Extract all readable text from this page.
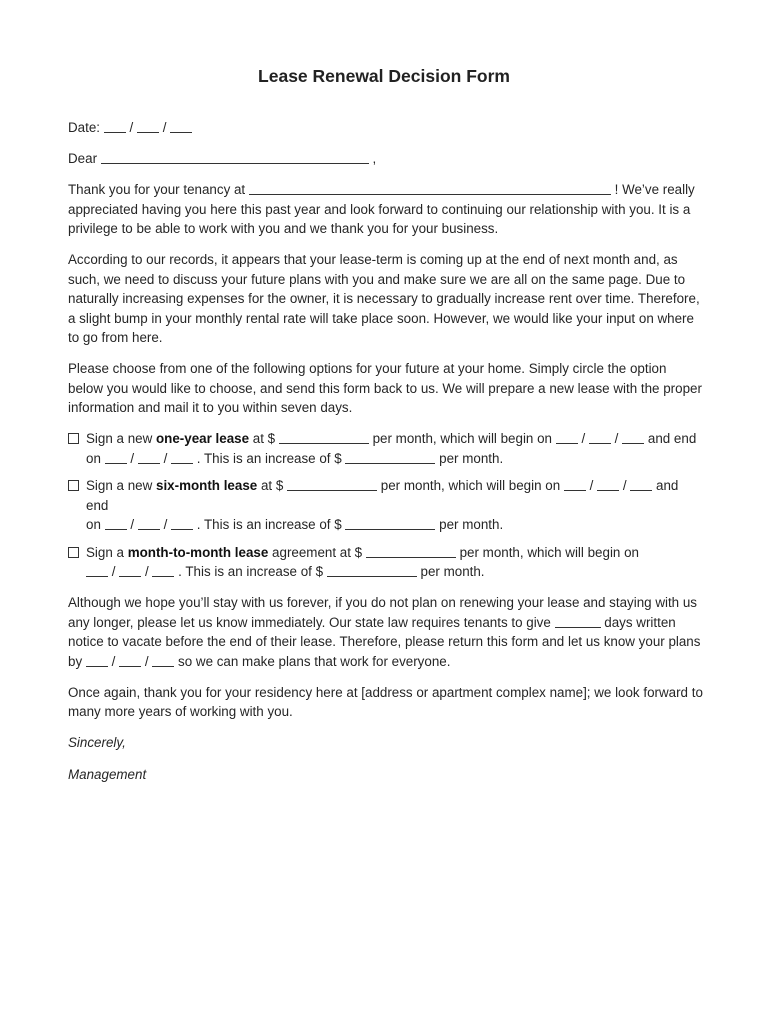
Lease Renewal Decision Form

Date: / /

Dear	,

Thank you for your tenancy at	! We’ve really appreciated having you here this past year and look forward to continuing our relationship with you. It is a privilege to be able to work with you and we thank you for your business.

According to our records, it appears that your lease-term is coming up at the end of next month and, as such, we need to discuss your future plans with you and make sure we are all on the same page. Due to naturally increasing expenses for the owner, it is necessary to gradually increase rent over time. Therefore, a slight bump in your monthly rental rate will take place soon. However, we would like your input on where to go from here.

Please choose from one of the following options for your future at your home. Simply circle the option below you would like to choose, and send this form back to us. We will prepare a new lease with the proper information and mail it to you within seven days.

Sign a new one-year lease at $	per month, which will begin on / / and end
on / / . This is an increase of $	per month.
Sign a new six-month lease at $	per month, which will begin on / / and end
on / / . This is an increase of $	per month.
Sign a month-to-month lease agreement at $	per month, which will begin on
/ / . This is an increase of $	per month.

Although we hope you’ll stay with us forever, if you do not plan on renewing your lease and staying with us any longer, please let us know immediately. Our state law requires tenants to give	days written notice to vacate before the end of their lease. Therefore, please return this form and let us know your plans by / / so we can make plans that work for everyone.

Once again, thank you for your residency here at [address or apartment complex name]; we look forward to many more years of working with you.

Sincerely,

Management
